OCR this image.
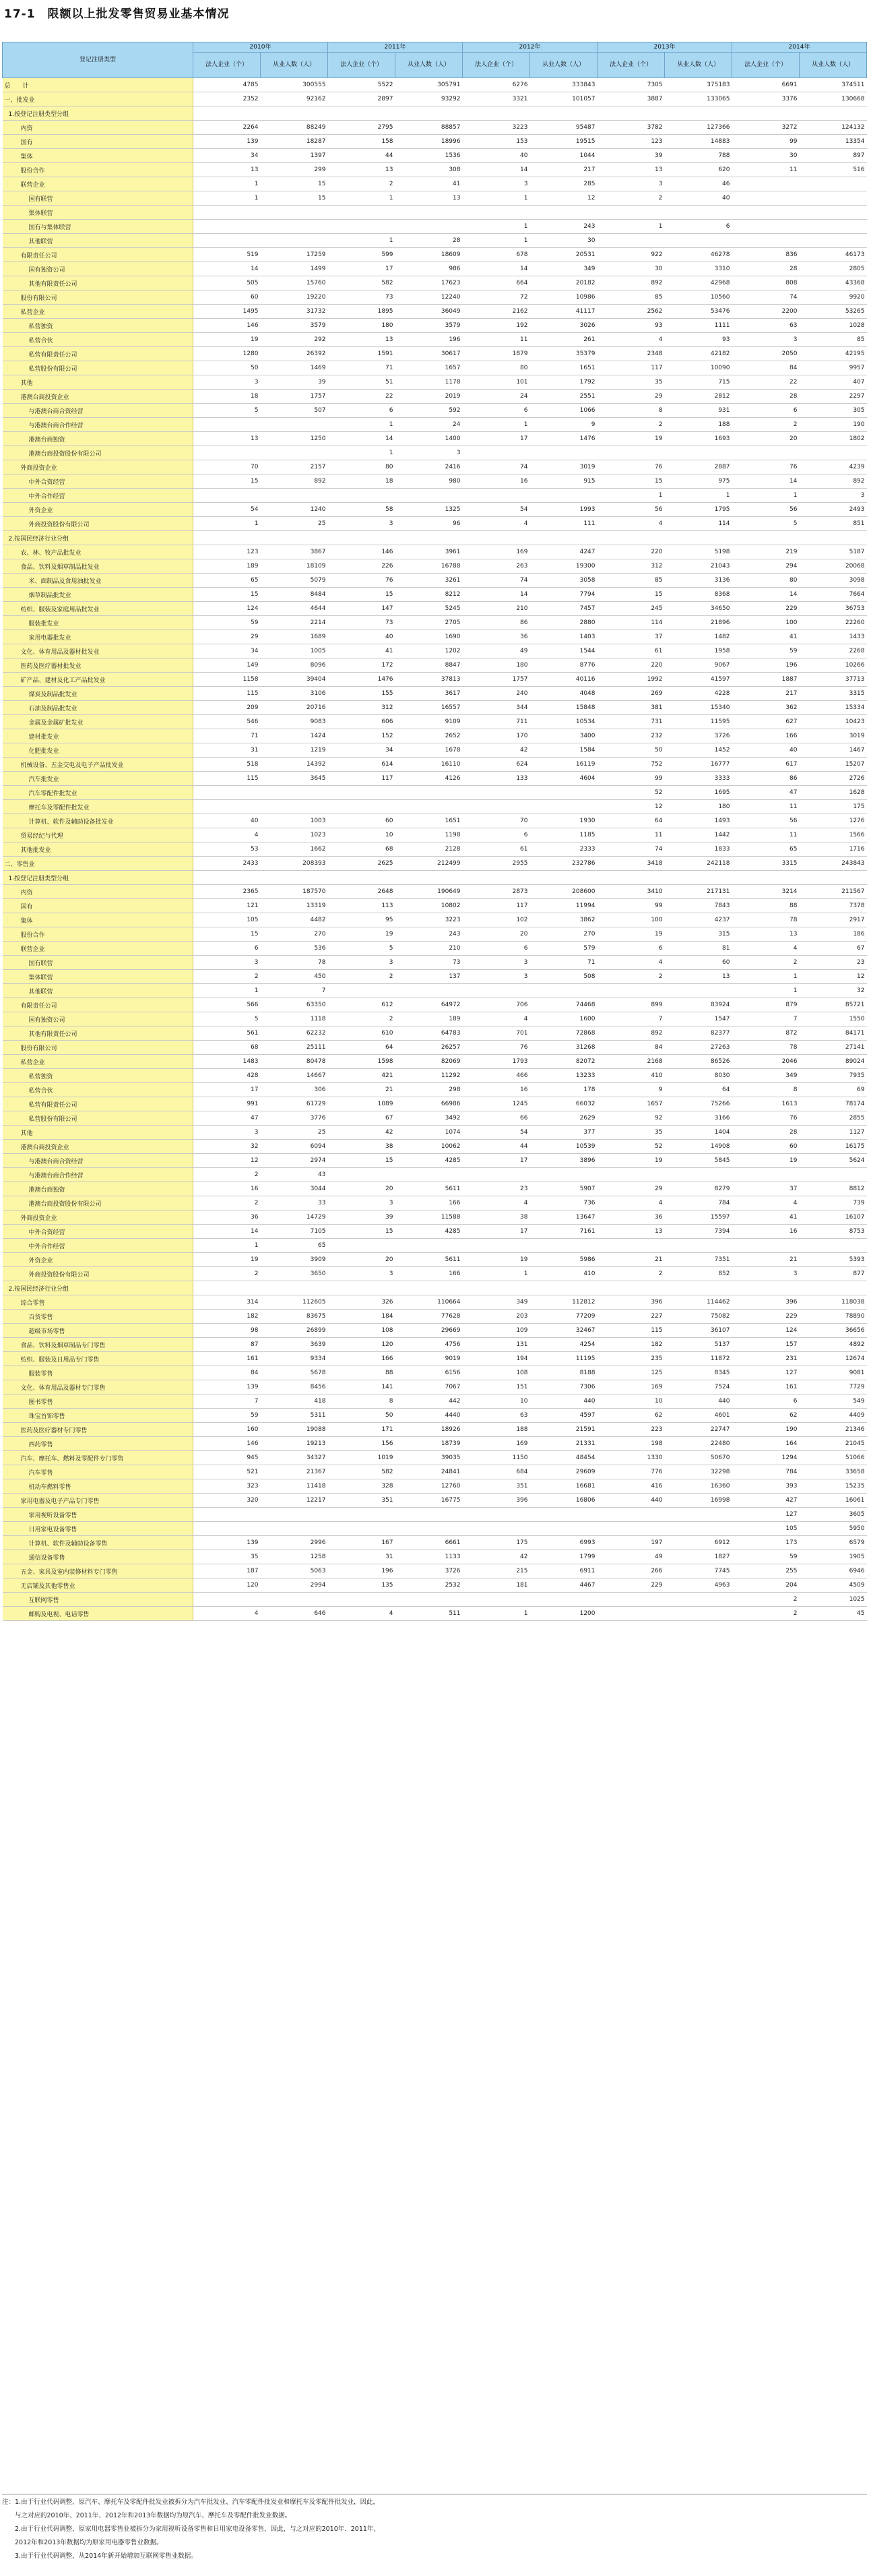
17-1　限额以上批发零售贸易业基本情况
登记注册类型	2010年		2011年		2012年		2013年		2014年	
	法人企业（个）	从业人数（人）	法人企业（个）	从业人数（人）	法人企业（个）	从业人数（人）	法人企业（个）	从业人数（人）	法人企业（个）	从业人数（人）
总　　计	4785	300555	5522	305791	6276	333843	7305	375183	6691	374511
一、批发业	2352	92162	2897	93292	3321	101057	3887	133065	3376	130668
1.按登记注册类型分组										
内资	2264	88249	2795	88857	3223	95487	3782	127366	3272	124132
国有	139	18287	158	18996	153	19515	123	14883	99	13354
集体	34	1397	44	1536	40	1044	39	788	30	897
股份合作	13	299	13	308	14	217	13	620	11	516
联营企业	1	15	2	41	3	285	3	46		
国有联营	1	15	1	13	1	12	2	40		
集体联营										
国有与集体联营					1	243	1	6		
其他联营			1	28	1	30				
有限责任公司	519	17259	599	18609	678	20531	922	46278	836	46173
国有独资公司	14	1499	17	986	14	349	30	3310	28	2805
其他有限责任公司	505	15760	582	17623	664	20182	892	42968	808	43368
股份有限公司	60	19220	73	12240	72	10986	85	10560	74	9920
私营企业	1495	31732	1895	36049	2162	41117	2562	53476	2200	53265
私营独资	146	3579	180	3579	192	3026	93	1111	63	1028
私营合伙	19	292	13	196	11	261	4	93	3	85
私营有限责任公司	1280	26392	1591	30617	1879	35379	2348	42182	2050	42195
私营股份有限公司	50	1469	71	1657	80	1651	117	10090	84	9957
其他	3	39	51	1178	101	1792	35	715	22	407
港澳台商投资企业	18	1757	22	2019	24	2551	29	2812	28	2297
与港澳台商合资经营	5	507	6	592	6	1066	8	931	6	305
与港澳台商合作经营			1	24	1	9	2	188	2	190
港澳台商独资	13	1250	14	1400	17	1476	19	1693	20	1802
港澳台商投资股份有限公司			1	3						
外商投资企业	70	2157	80	2416	74	3019	76	2887	76	4239
中外合资经营	15	892	18	980	16	915	15	975	14	892
中外合作经营							1	1	1	3
外资企业	54	1240	58	1325	54	1993	56	1795	56	2493
外商投资股份有限公司	1	25	3	96	4	111	4	114	5	851
2.按国民经济行业分组										
农、林、牧产品批发业	123	3867	146	3961	169	4247	220	5198	219	5187
食品、饮料及烟草制品批发业	189	18109	226	16788	263	19300	312	21043	294	20068
米、面制品及食用油批发业	65	5079	76	3261	74	3058	85	3136	80	3098
烟草制品批发业	15	8484	15	8212	14	7794	15	8368	14	7664
纺织、服装及家庭用品批发业	124	4644	147	5245	210	7457	245	34650	229	36753
服装批发业	59	2214	73	2705	86	2880	114	21896	100	22260
家用电器批发业	29	1689	40	1690	36	1403	37	1482	41	1433
文化、体育用品及器材批发业	34	1005	41	1202	49	1544	61	1958	59	2268
医药及医疗器材批发业	149	8096	172	8847	180	8776	220	9067	196	10266
矿产品、建材及化工产品批发业	1158	39404	1476	37813	1757	40116	1992	41597	1887	37713
煤炭及制品批发业	115	3106	155	3617	240	4048	269	4228	217	3315
石油及制品批发业	209	20716	312	16557	344	15848	381	15340	362	15334
金属及金属矿批发业	546	9083	606	9109	711	10534	731	11595	627	10423
建材批发业	71	1424	152	2652	170	3400	232	3726	166	3019
化肥批发业	31	1219	34	1678	42	1584	50	1452	40	1467
机械设备、五金交电及电子产品批发业	518	14392	614	16110	624	16119	752	16777	617	15207
汽车批发业	115	3645	117	4126	133	4604	99	3333	86	2726
汽车零配件批发业							52	1695	47	1628
摩托车及零配件批发业							12	180	11	175
计算机、软件及辅助设备批发业	40	1003	60	1651	70	1930	64	1493	56	1276
贸易经纪与代理	4	1023	10	1198	6	1185	11	1442	11	1566
其他批发业	53	1662	68	2128	61	2333	74	1833	65	1716
二、零售业	2433	208393	2625	212499	2955	232786	3418	242118	3315	243843
1.按登记注册类型分组										
内资	2365	187570	2648	190649	2873	208600	3410	217131	3214	211567
国有	121	13319	113	10802	117	11994	99	7843	88	7378
集体	105	4482	95	3223	102	3862	100	4237	78	2917
股份合作	15	270	19	243	20	270	19	315	13	186
联营企业	6	536	5	210	6	579	6	81	4	67
国有联营	3	78	3	73	3	71	4	60	2	23
集体联营	2	450	2	137	3	508	2	13	1	12
其他联营	1	7							1	32
有限责任公司	566	63350	612	64972	706	74468	899	83924	879	85721
国有独资公司	5	1118	2	189	4	1600	7	1547	7	1550
其他有限责任公司	561	62232	610	64783	701	72868	892	82377	872	84171
股份有限公司	68	25111	64	26257	76	31268	84	27263	78	27141
私营企业	1483	80478	1598	82069	1793	82072	2168	86526	2046	89024
私营独资	428	14667	421	11292	466	13233	410	8030	349	7935
私营合伙	17	306	21	298	16	178	9	64	8	69
私营有限责任公司	991	61729	1089	66986	1245	66032	1657	75266	1613	78174
私营股份有限公司	47	3776	67	3492	66	2629	92	3166	76	2855
其他	3	25	42	1074	54	377	35	1404	28	1127
港澳台商投资企业	32	6094	38	10062	44	10539	52	14908	60	16175
与港澳台商合资经营	12	2974	15	4285	17	3896	19	5845	19	5624
与港澳台商合作经营	2	43								
港澳台商独资	16	3044	20	5611	23	5907	29	8279	37	8812
港澳台商投资股份有限公司	2	33	3	166	4	736	4	784	4	739
外商投资企业	36	14729	39	11588	38	13647	36	15597	41	16107
中外合资经营	14	7105	15	4285	17	7161	13	7394	16	8753
中外合作经营	1	65								
外资企业	19	3909	20	5611	19	5986	21	7351	21	5393
外商投资股份有限公司	2	3650	3	166	1	410	2	852	3	877
2.按国民经济行业分组										
综合零售	314	112605	326	110664	349	112812	396	114462	396	118038
百货零售	182	83675	184	77628	203	77209	227	75082	229	78890
超级市场零售	98	26899	108	29669	109	32467	115	36107	124	36656
食品、饮料及烟草制品专门零售	87	3639	120	4756	131	4254	182	5137	157	4892
纺织、服装及日用品专门零售	161	9334	166	9019	194	11195	235	11872	231	12674
服装零售	84	5678	88	6156	108	8188	125	8345	127	9081
文化、体育用品及器材专门零售	139	8456	141	7067	151	7306	169	7524	161	7729
图书零售	7	418	8	442	10	440	10	440	6	549
珠宝首饰零售	59	5311	50	4440	63	4597	62	4601	62	4409
医药及医疗器材专门零售	160	19088	171	18926	188	21591	223	22747	190	21346
西药零售	146	19213	156	18739	169	21331	198	22480	164	21045
汽车、摩托车、燃料及零配件专门零售	945	34327	1019	39035	1150	48454	1330	50670	1294	51066
汽车零售	521	21367	582	24841	684	29609	776	32298	784	33658
机动车燃料零售	323	11418	328	12760	351	16681	416	16360	393	15235
家用电器及电子产品专门零售	320	12217	351	16775	396	16806	440	16998	427	16061
家用视听设备零售									127	3605
日用家电设备零售									105	5950
计算机、软件及辅助设备零售	139	2996	167	6661	175	6993	197	6912	173	6579
通信设备零售	35	1258	31	1133	42	1799	49	1827	59	1905
五金、家具及室内装修材料专门零售	187	5063	196	3726	215	6911	266	7745	255	6946
无店铺及其他零售业	120	2994	135	2532	181	4467	229	4963	204	4509
互联网零售									2	1025
邮购及电视、电话零售	4	646	4	511	1	1200			2	45

注：1.由于行业代码调整，原汽车、摩托车及零配件批发业被拆分为汽车批发业、汽车零配件批发业和摩托车及零配件批发业，因此，

　　与之对应的2010年、2011年、2012年和2013年数据均为原汽车、摩托车及零配件批发业数据。

　　2.由于行业代码调整，原家用电器零售业被拆分为家用视听设备零售和日用家电设备零售，因此，与之对应的2010年、2011年、

　　2012年和2013年数据均为原家用电器零售业数据。

　　3.由于行业代码调整，从2014年新开始增加互联网零售业数据。
